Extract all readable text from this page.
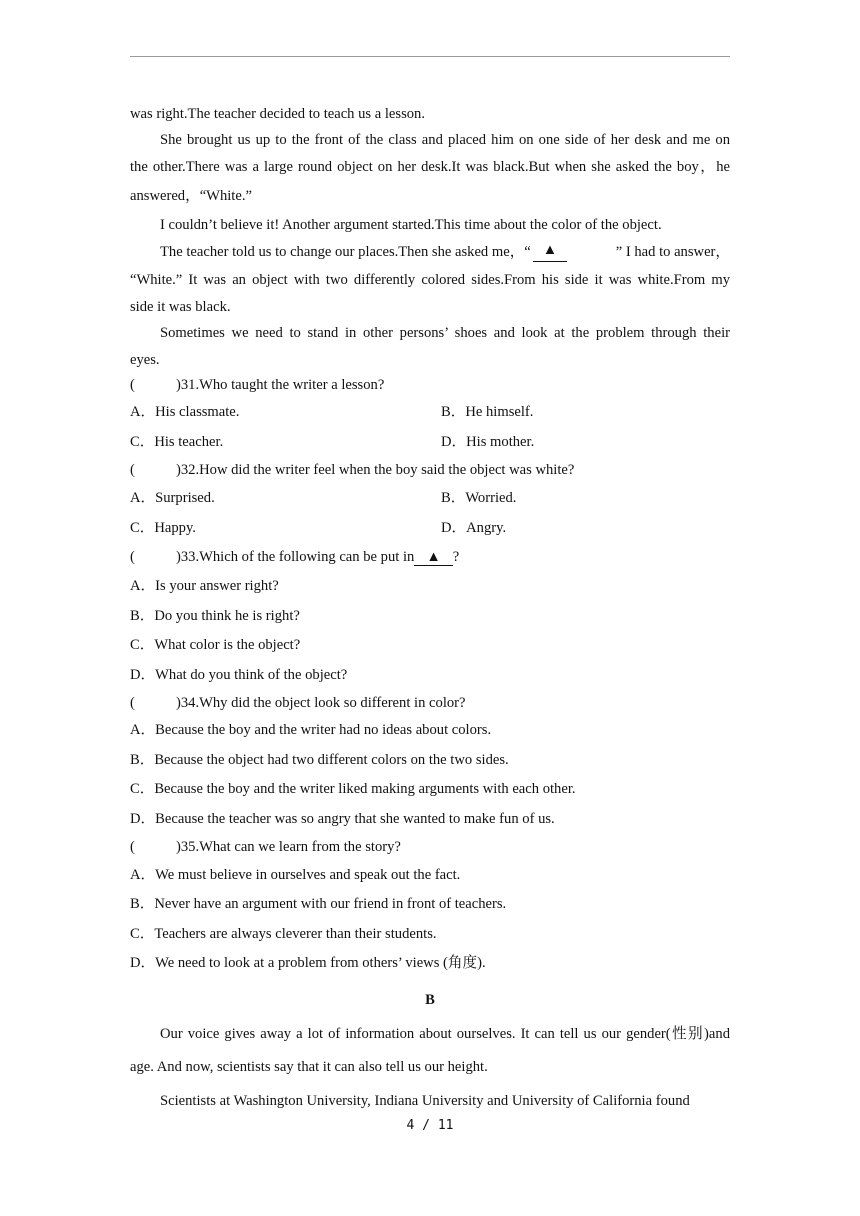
was right.The teacher decided to teach us a lesson.
She brought us up to the front of the class and placed him on one side of her desk and me on
the other.There was a large round object on her desk.It was black.But when she asked the boy，he
answered，“White.”
I couldn’t believe it! Another argument started.This time about the color of the object.
The teacher told us to change our places.Then she asked me，“ ▲	” I had to answer，
“White.” It was an object with two differently colored sides.From his side it was white.From my
side it was black.
Sometimes we need to stand in other persons’ shoes and look at the problem through their
eyes.
(	)31.Who taught the writer a lesson?
A．His classmate.	B．He himself.
C．His teacher.	D．His mother.
(	)32.How did the writer feel when the boy said the object was white?
A．Surprised.	B．Worried.
C．Happy.	D．Angry.
(	)33.Which of the following can be put in ▲ ?
A．Is your answer right?
B．Do you think he is right?
C．What color is the object?
D．What do you think of the object?
(	)34.Why did the object look so different in color?
A．Because the boy and the writer had no ideas about colors.
B．Because the object had two different colors on the two sides.
C．Because the boy and the writer liked making arguments with each other.
D．Because the teacher was so angry that she wanted to make fun of us.
(	)35.What can we learn from the story?
A．We must believe in ourselves and speak out the fact.
B．Never have an argument with our friend in front of teachers.
C．Teachers are always cleverer than their students.
D．We need to look at a problem from others’ views (角度).
B
Our voice gives away a lot of information about ourselves. It can tell us our gender(性别)and
age. And now, scientists say that it can also tell us our height.
Scientists at Washington University, Indiana University and University of California found
4 / 11
